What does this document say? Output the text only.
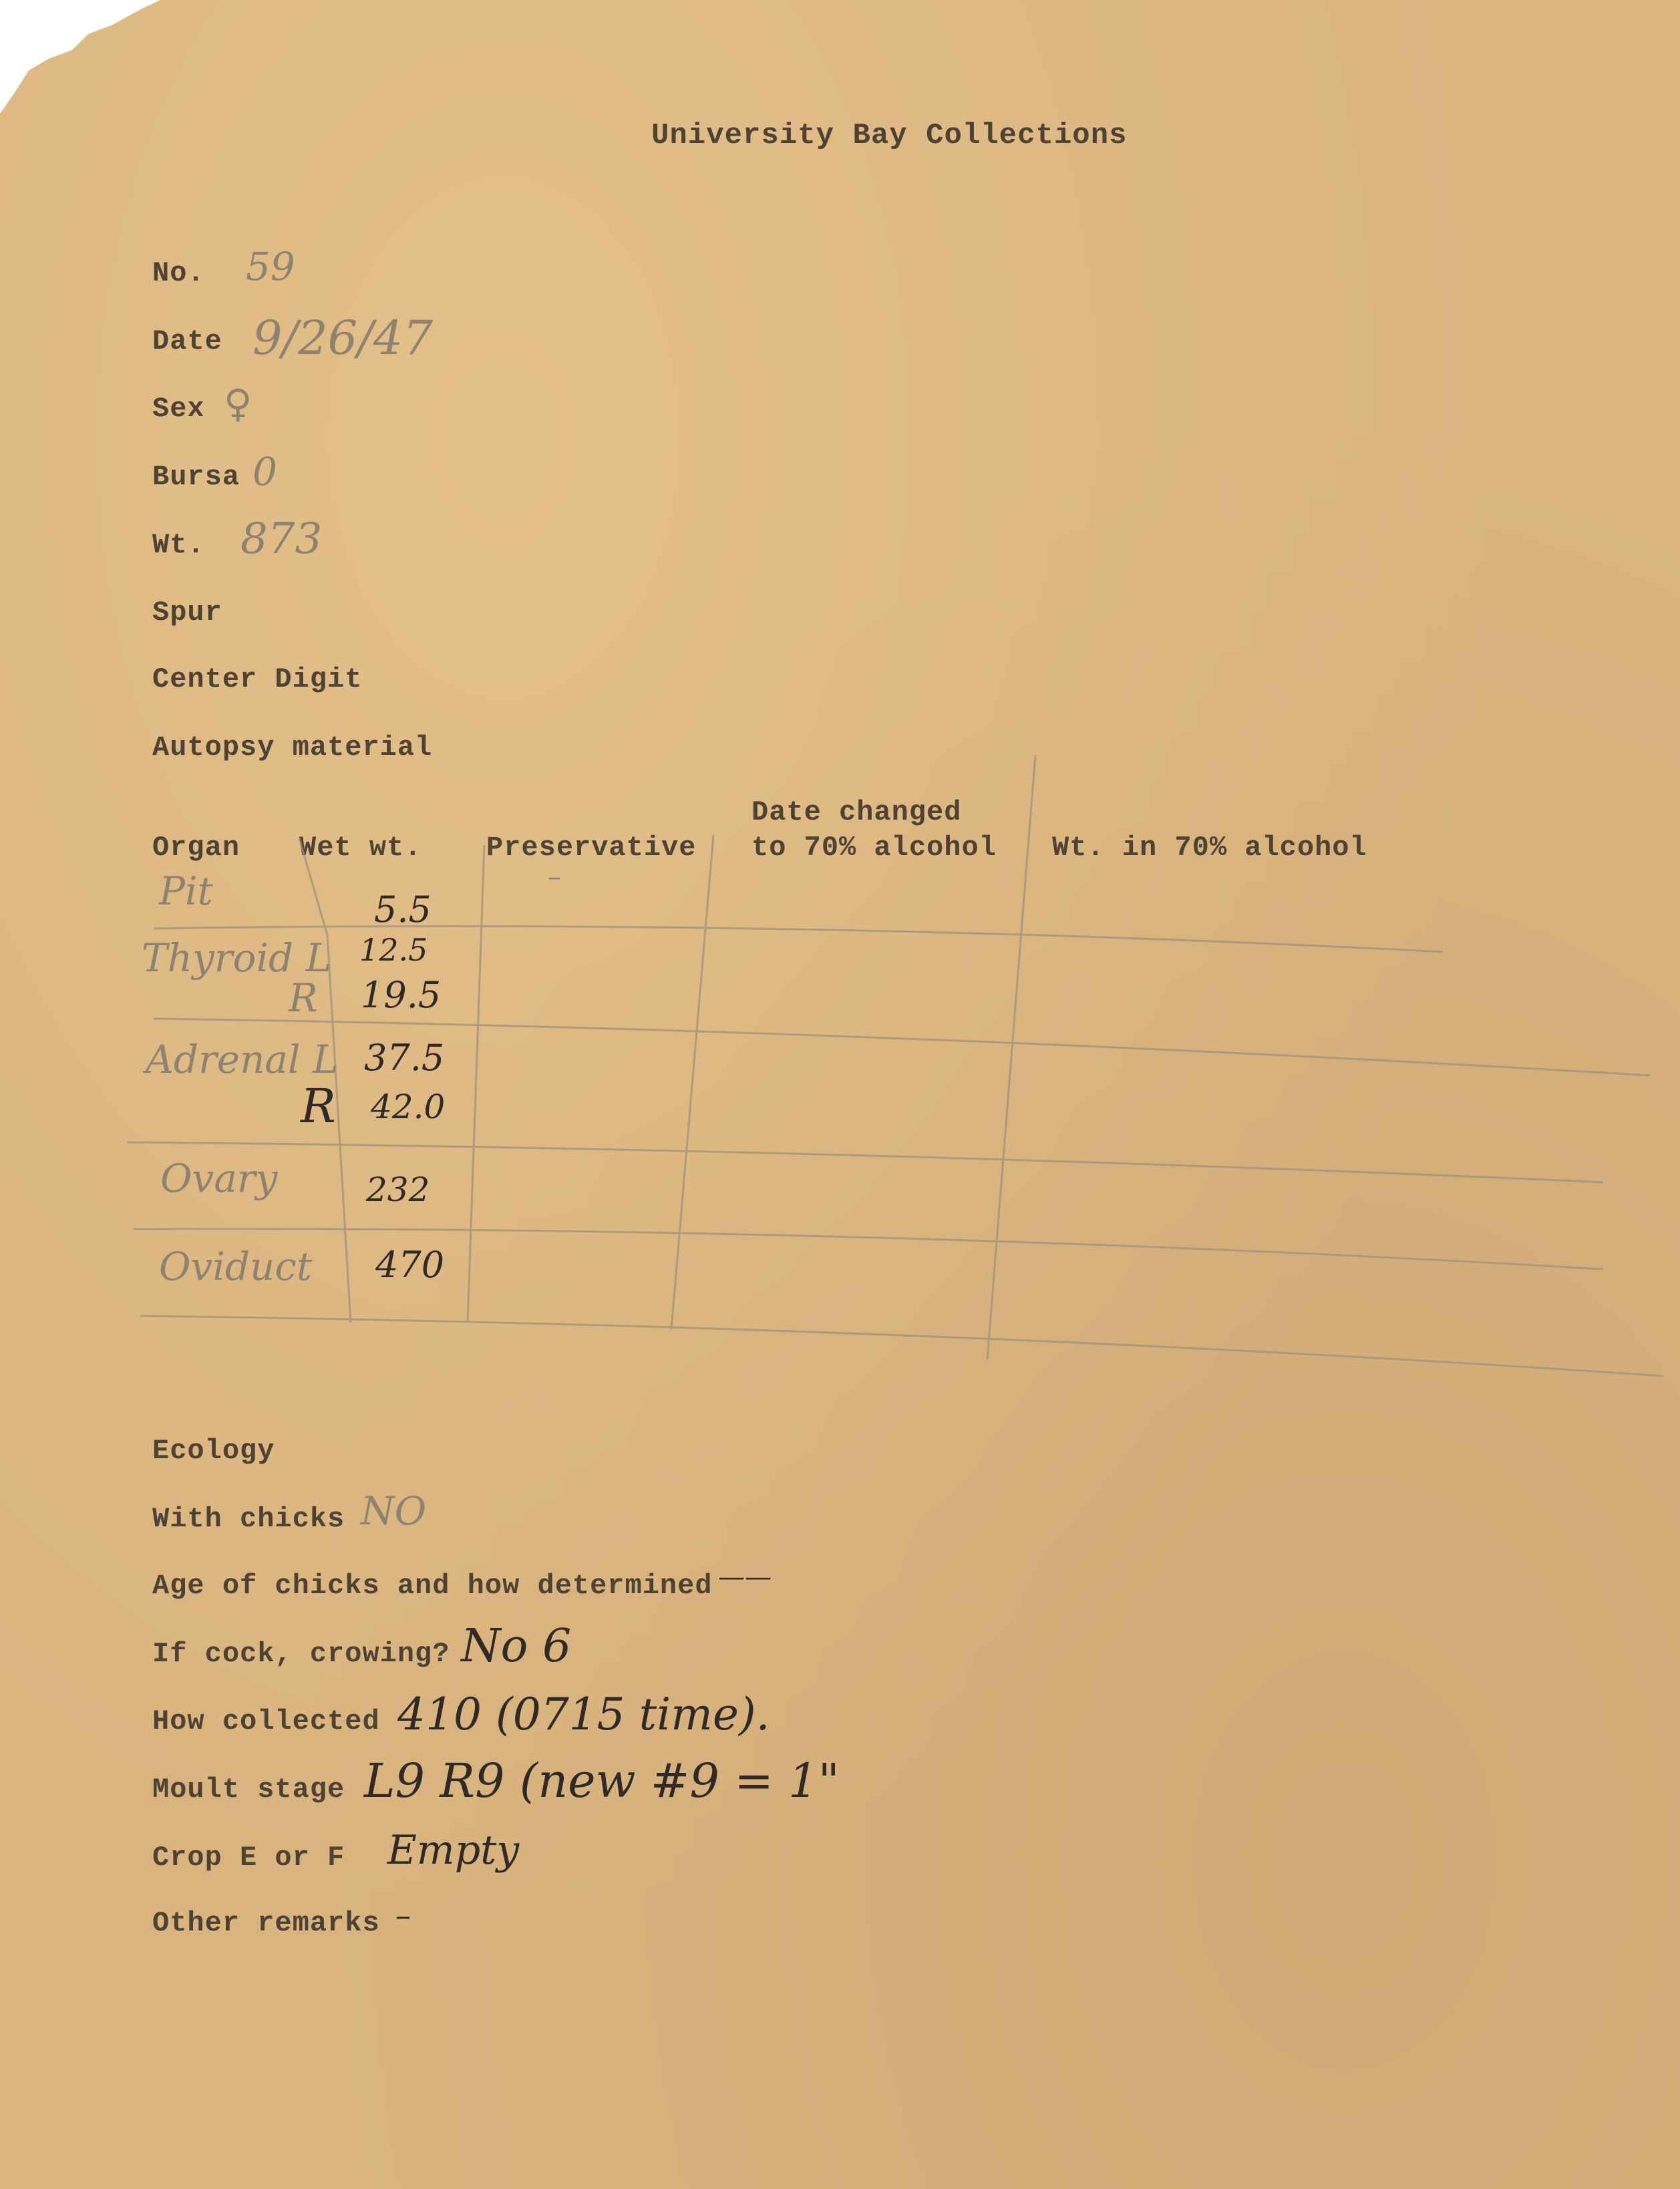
University Bay Collections
No. 59
Date 9/26/47
Sex ♀
Bursa 0
Wt. 873
Spur
Center Digit
Autopsy material
Organ Wet wt. Preservative
Date changed
to 70% alcohol Wt. in 70% alcohol
Pit	5.5
–
Thyroid L 12.5
R 19.5
Adrenal L 37.5
R 42.0
Ovary	232
Oviduct 470
Ecology
With chicks NO
Age of chicks and how determined ——
If cock, crowing? No 6
How collected 410 (0715 time).
Moult stage L9 R9 (new #9 = 1"
Crop E or F Empty
Other remarks –
